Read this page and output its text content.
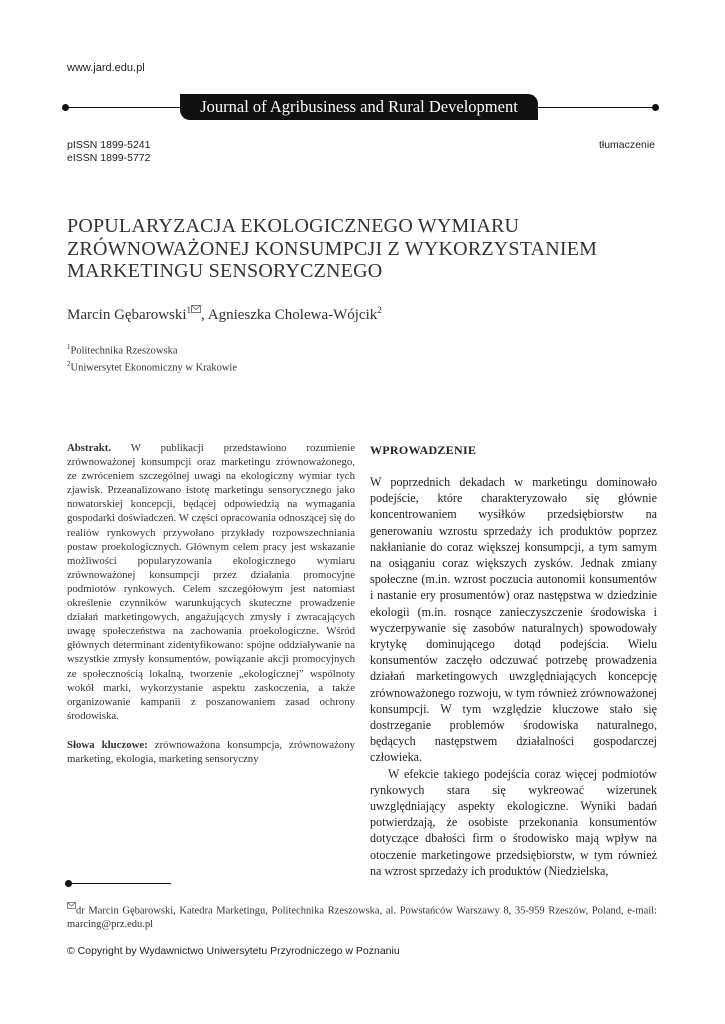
www.jard.edu.pl
Journal of Agribusiness and Rural Development
pISSN 1899-5241
eISSN 1899-5772
tłumaczenie
POPULARYZACJA EKOLOGICZNEGO WYMIARU
ZRÓWNOWAŻONEJ KONSUMPCJI Z WYKORZYSTANIEM
MARKETINGU SENSORYCZNEGO
Marcin Gębarowski$^1$ , Agnieszka Cholewa-Wójcik$^2$
$^1$Politechnika Rzeszowska
$^2$Uniwersytet Ekonomiczny w Krakowie
Abstrakt. W publikacji przedstawiono rozumienie zrównoważonej konsumpcji oraz marketingu zrównoważonego, ze zwróceniem szczególnej uwagi na ekologiczny wymiar tych zjawisk. Przeanalizowano istotę marketingu sensorycznego jako nowatorskiej koncepcji, będącej odpowiedzią na wymagania gospodarki doświadczeń. W części opracowania odnoszącej się do realiów rynkowych przywołano przykłady rozpowszechniania postaw proekologicznych. Głównym celem pracy jest wskazanie możliwości popularyzowania ekologicznego wymiaru zrównoważonej konsumpcji przez działania promocyjne podmiotów rynkowych. Celem szczegółowym jest natomiast określenie czynników warunkujących skuteczne prowadzenie działań marketingowych, angażujących zmysły i zwracających uwagę społeczeństwa na zachowania proekologiczne. Wśród głównych determinant zidentyfikowano: spójne oddziaływanie na wszystkie zmysły konsumentów, powiązanie akcji promocyjnych ze społecznością lokalną, tworzenie „ekologicznej” wspólnoty wokół marki, wykorzystanie aspektu zaskoczenia, a także organizowanie kampanii z poszanowaniem zasad ochrony środowiska.
Słowa kluczowe: zrównoważona konsumpcja, zrównoważony marketing, ekologia, marketing sensoryczny
WPROWADZENIE

W poprzednich dekadach w marketingu dominowało podejście, które charakteryzowało się głównie koncentrowaniem wysiłków przedsiębiorstw na generowaniu wzrostu sprzedaży ich produktów poprzez nakłanianie do coraz większej konsumpcji, a tym samym na osiąganiu coraz większych zysków. Jednak zmiany społeczne (m.in. wzrost poczucia autonomii konsumentów i nastanie ery prosumentów) oraz następstwa w dziedzinie ekologii (m.in. rosnące zanieczyszczenie środowiska i wyczerpywanie się zasobów naturalnych) spowodowały krytykę dominującego dotąd podejścia. Wielu konsumentów zaczęło odczuwać potrzebę prowadzenia działań marketingowych uwzględniających koncepcję zrównoważonego rozwoju, w tym również zrównoważonej konsumpcji. W tym względzie kluczowe stało się dostrzeganie problemów środowiska naturalnego, będących następstwem działalności gospodarczej człowieka.

W efekcie takiego podejścia coraz więcej podmiotów rynkowych stara się wykreować wizerunek uwzględniający aspekty ekologiczne. Wyniki badań potwierdzają, że osobiste przekonania konsumentów dotyczące dbałości firm o środowisko mają wpływ na otoczenie marketingowe przedsiębiorstw, w tym również na wzrost sprzedaży ich produktów (Niedzielska,

dr Marcin Gębarowski, Katedra Marketingu, Politechnika Rzeszowska, al. Powstańców Warszawy 8, 35-959 Rzeszów, Poland, e-mail: marcing@prz.edu.pl
© Copyright by Wydawnictwo Uniwersytetu Przyrodniczego w Poznaniu
